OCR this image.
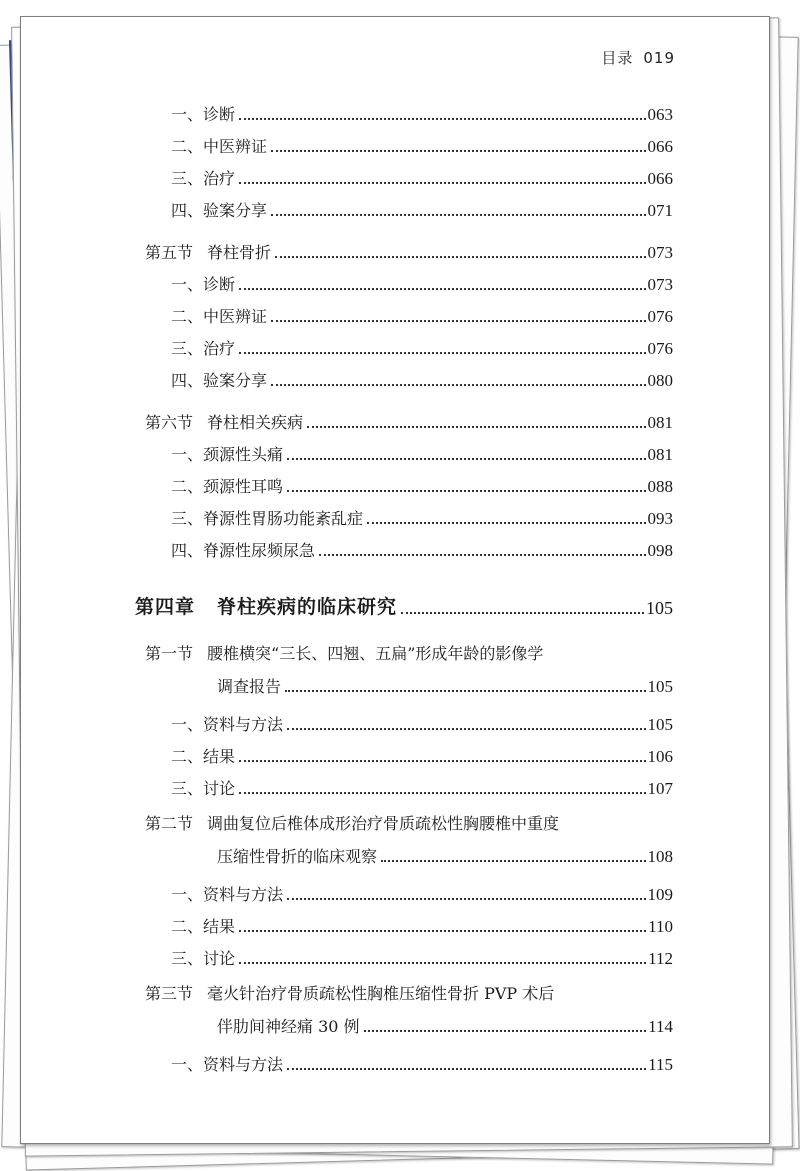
目录 019
一、诊断	063
二、中医辨证	066
三、治疗	066
四、验案分享	071
第五节 脊柱骨折	073
一、诊断	073
二、中医辨证	076
三、治疗	076
四、验案分享	080
第六节 脊柱相关疾病	081
一、颈源性头痛	081
二、颈源性耳鸣	088
三、脊源性胃肠功能紊乱症	093
四、脊源性尿频尿急	098
第四章 脊柱疾病的临床研究	105
第一节 腰椎横突“三长、四翘、五扁”形成年龄的影像学
调查报告	105
一、资料与方法	105
二、结果	106
三、讨论	107
第二节 调曲复位后椎体成形治疗骨质疏松性胸腰椎中重度
压缩性骨折的临床观察	108
一、资料与方法	109
二、结果	110
三、讨论	112
第三节 毫火针治疗骨质疏松性胸椎压缩性骨折 PVP 术后
伴肋间神经痛 30 例	114
一、资料与方法	115
